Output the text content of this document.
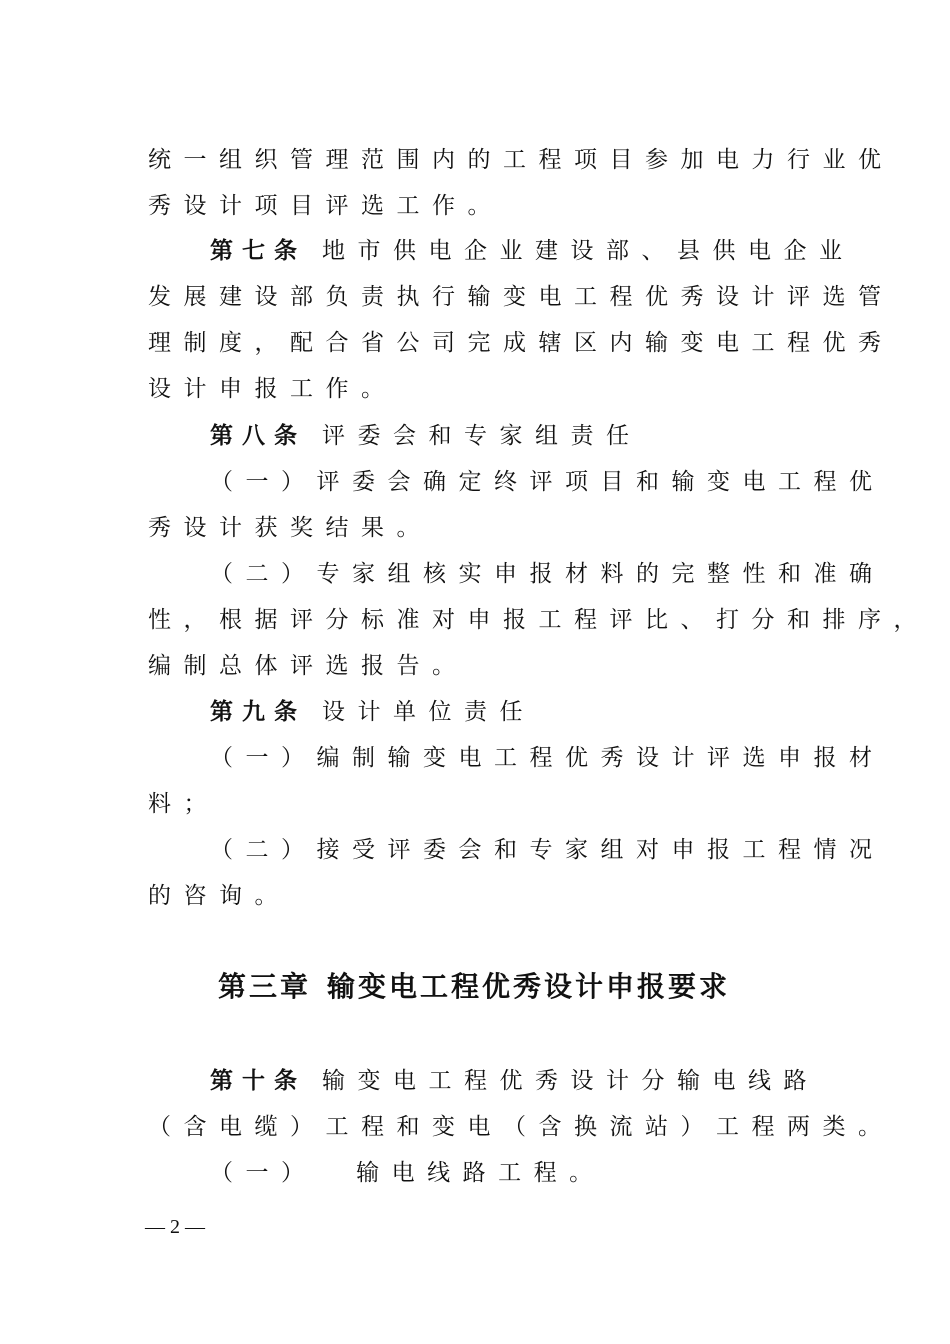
统一组织管理范围内的工程项目参加电力行业优
秀设计项目评选工作。
第七条 地市供电企业建设部、县供电企业
发展建设部负责执行输变电工程优秀设计评选管
理制度，配合省公司完成辖区内输变电工程优秀
设计申报工作。
第八条 评委会和专家组责任
（一）评委会确定终评项目和输变电工程优
秀设计获奖结果。
（二）专家组核实申报材料的完整性和准确
性，根据评分标准对申报工程评比、打分和排序，
编制总体评选报告。
第九条 设计单位责任
（一）编制输变电工程优秀设计评选申报材
料；
（二）接受评委会和专家组对申报工程情况
的咨询。
第三章 输变电工程优秀设计申报要求
第十条 输变电工程优秀设计分输电线路
（含电缆）工程和变电（含换流站）工程两类。
（一）  输电线路工程。
— 2 —
